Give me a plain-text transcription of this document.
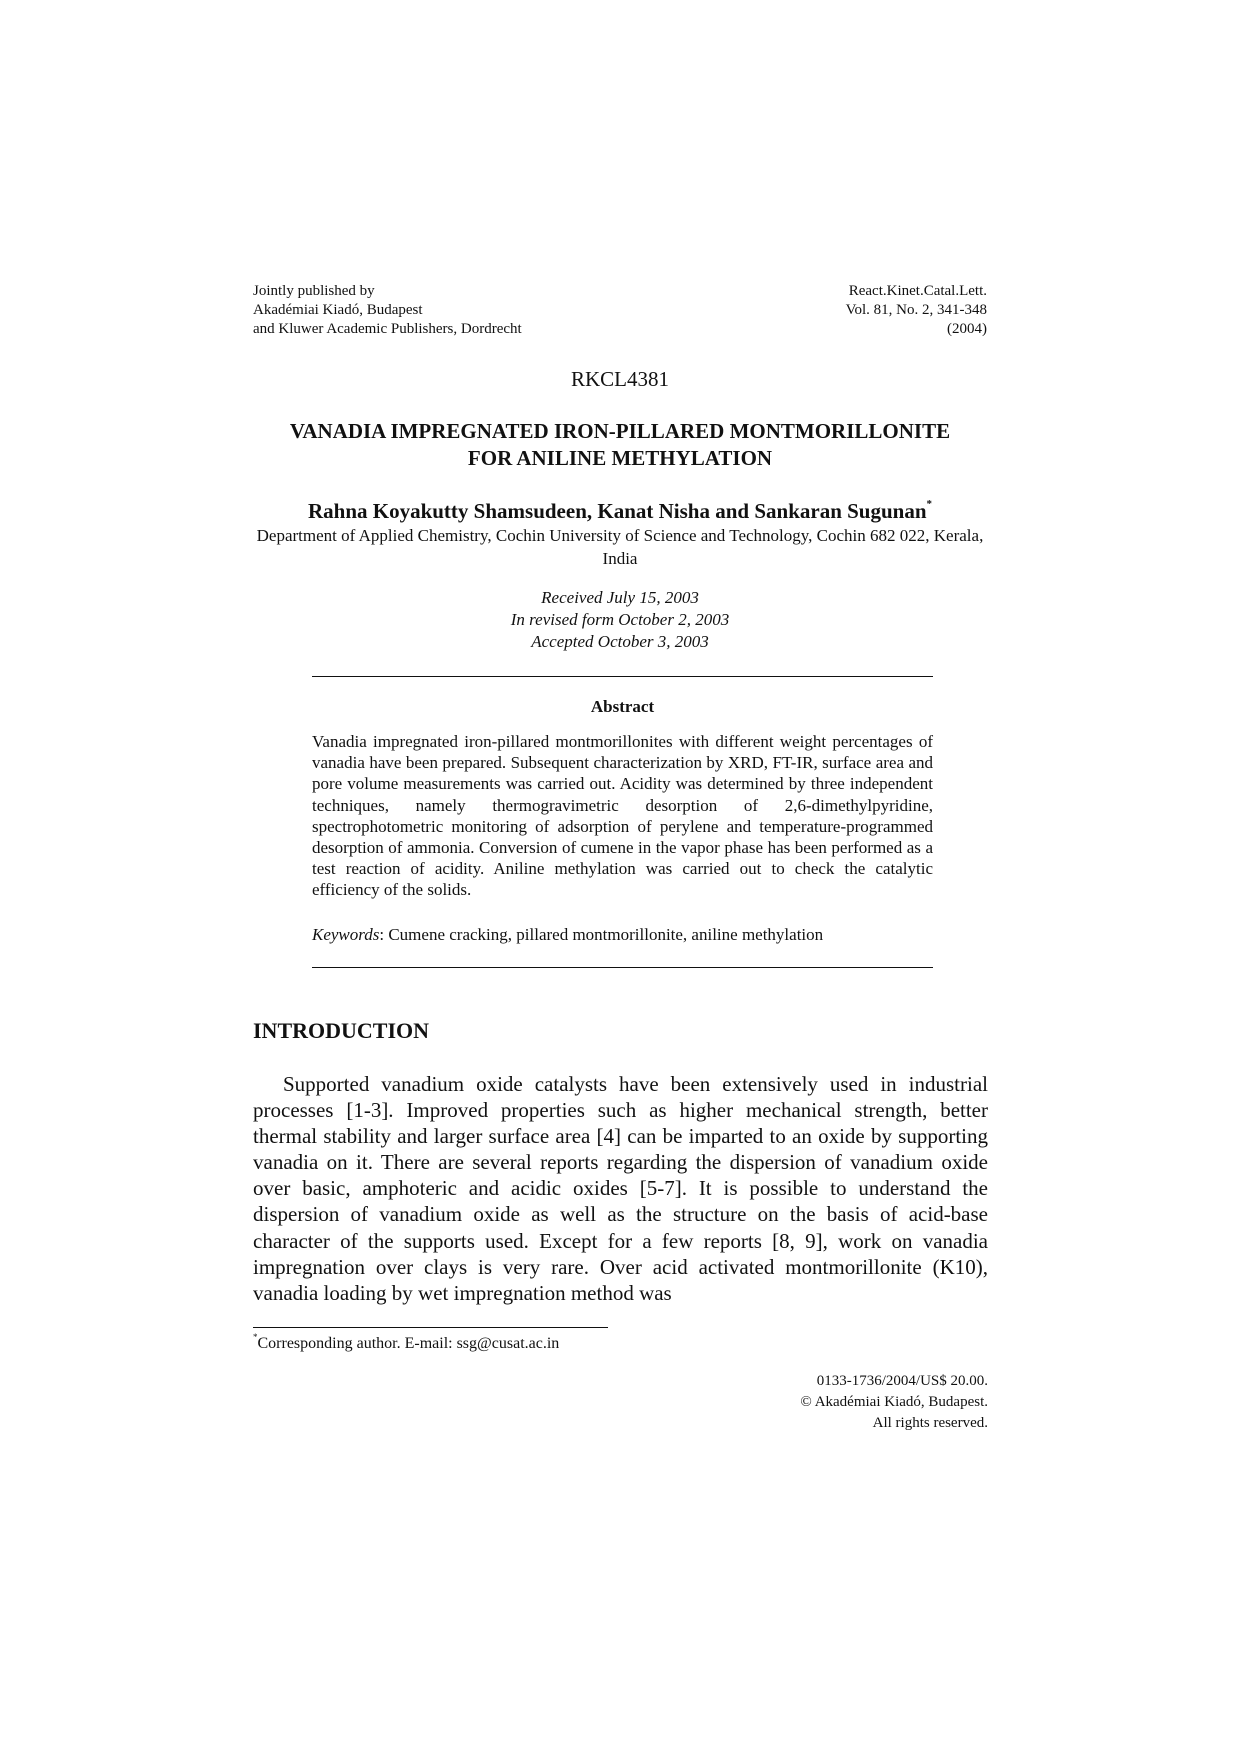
Jointly published by
Akadémiai Kiadó, Budapest
and Kluwer Academic Publishers, Dordrecht
React.Kinet.Catal.Lett.
Vol. 81, No. 2, 341-348
(2004)
RKCL4381
VANADIA IMPREGNATED IRON-PILLARED MONTMORILLONITE
FOR ANILINE METHYLATION
Rahna Koyakutty Shamsudeen, Kanat Nisha and Sankaran Sugunan*
Department of Applied Chemistry, Cochin University of Science and Technology, Cochin 682 022, Kerala, India
Received July 15, 2003
In revised form October 2, 2003
Accepted October 3, 2003
Abstract
Vanadia impregnated iron-pillared montmorillonites with different weight percentages of vanadia have been prepared. Subsequent characterization by XRD, FT-IR, surface area and pore volume measurements was carried out. Acidity was determined by three independent techniques, namely thermogravimetric desorption of 2,6-dimethylpyridine, spectrophotometric monitoring of adsorption of perylene and temperature-programmed desorption of ammonia. Conversion of cumene in the vapor phase has been performed as a test reaction of acidity. Aniline methylation was carried out to check the catalytic efficiency of the solids.
Keywords: Cumene cracking, pillared montmorillonite, aniline methylation
INTRODUCTION
Supported vanadium oxide catalysts have been extensively used in industrial processes [1-3]. Improved properties such as higher mechanical strength, better thermal stability and larger surface area [4] can be imparted to an oxide by supporting vanadia on it. There are several reports regarding the dispersion of vanadium oxide over basic, amphoteric and acidic oxides [5-7]. It is possible to understand the dispersion of vanadium oxide as well as the structure on the basis of acid-base character of the supports used. Except for a few reports [8, 9], work on vanadia impregnation over clays is very rare. Over acid activated montmorillonite (K10), vanadia loading by wet impregnation method was
*Corresponding author. E-mail: ssg@cusat.ac.in
0133-1736/2004/US$ 20.00.
© Akadémiai Kiadó, Budapest.
All rights reserved.
